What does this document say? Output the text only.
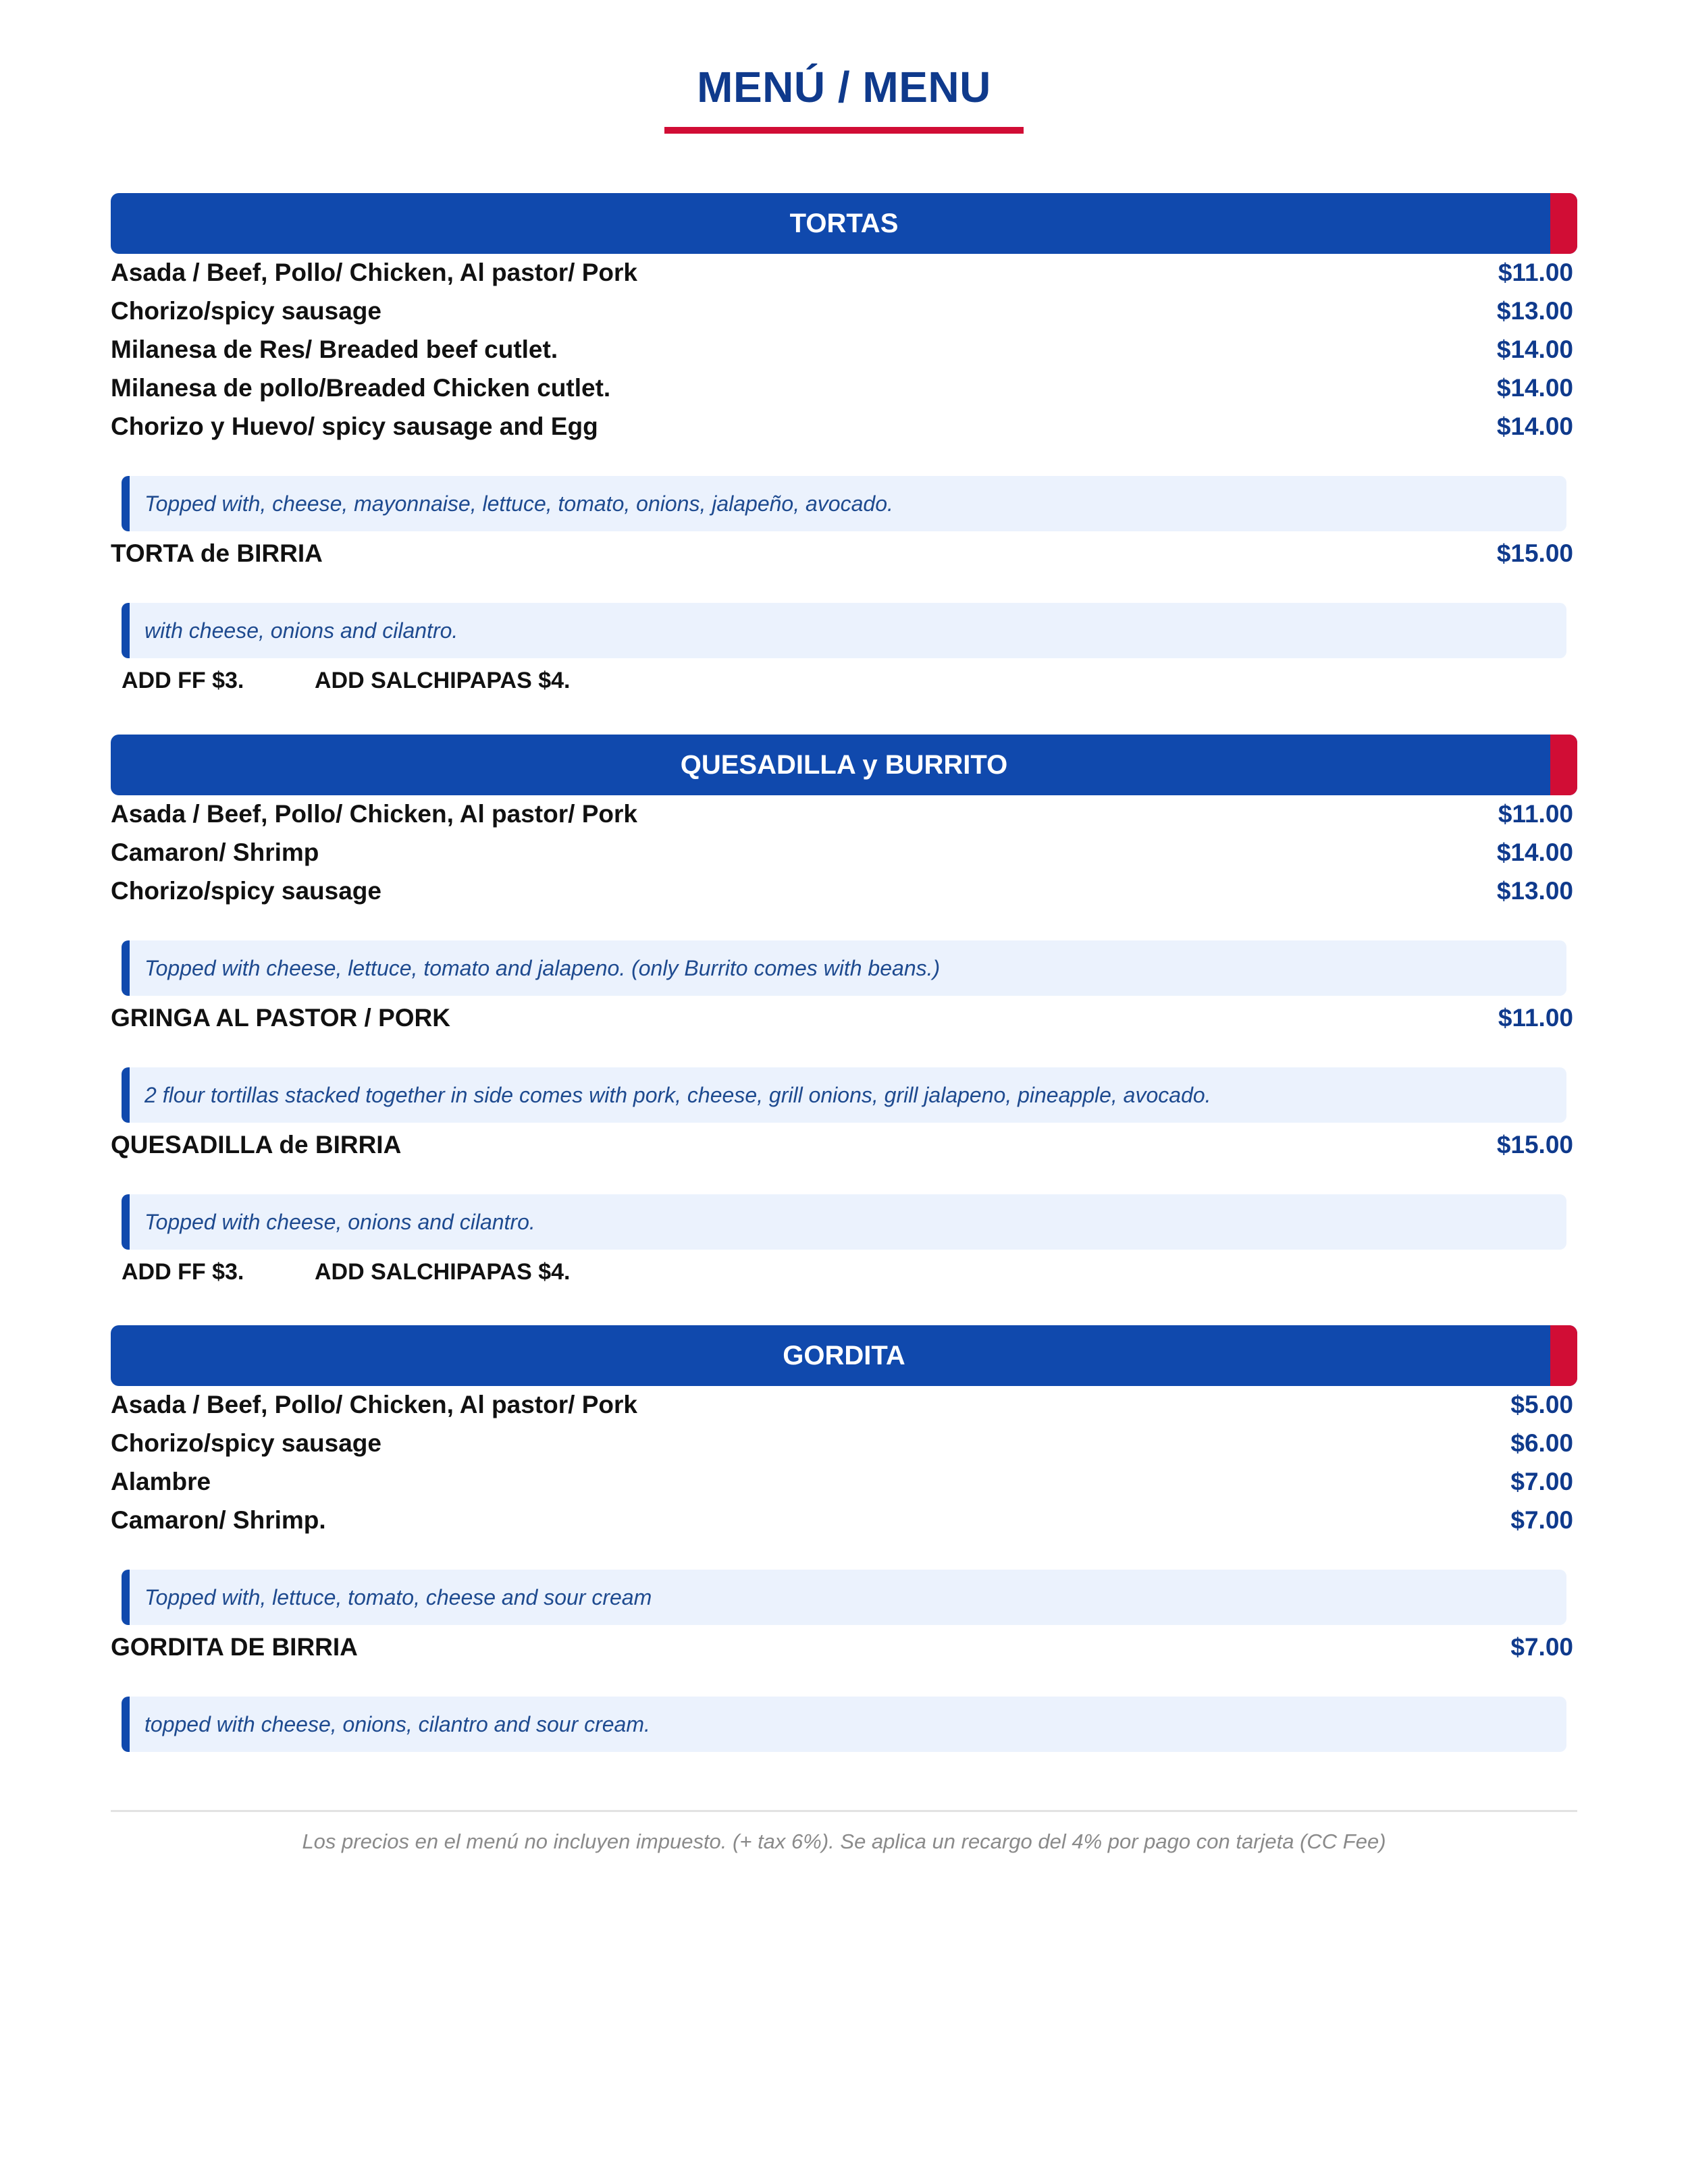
MENÚ / MENU
TORTAS
Asada / Beef, Pollo/ Chicken, Al pastor/ Pork	$11.00
Chorizo/spicy sausage	$13.00
Milanesa de Res/ Breaded beef cutlet.	$14.00
Milanesa de pollo/Breaded Chicken cutlet.	$14.00
Chorizo y Huevo/ spicy sausage and Egg	$14.00
Topped with, cheese, mayonnaise, lettuce, tomato, onions, jalapeño, avocado.
TORTA de BIRRIA	$15.00
with cheese, onions and cilantro.
ADD FF $3.	ADD SALCHIPAPAS $4.
QUESADILLA y BURRITO
Asada / Beef, Pollo/ Chicken, Al pastor/ Pork	$11.00
Camaron/ Shrimp	$14.00
Chorizo/spicy sausage	$13.00
Topped with cheese, lettuce, tomato and jalapeno. (only Burrito comes with beans.)
GRINGA AL PASTOR / PORK	$11.00
2 flour tortillas stacked together in side comes with pork, cheese, grill onions, grill jalapeno, pineapple, avocado.
QUESADILLA de BIRRIA	$15.00
Topped with cheese, onions and cilantro.
ADD FF $3.	ADD SALCHIPAPAS $4.
GORDITA
Asada / Beef, Pollo/ Chicken, Al pastor/ Pork	$5.00
Chorizo/spicy sausage	$6.00
Alambre	$7.00
Camaron/ Shrimp.	$7.00
Topped with, lettuce, tomato, cheese and sour cream
GORDITA DE BIRRIA	$7.00
topped with cheese, onions, cilantro and sour cream.
Los precios en el menú no incluyen impuesto. (+ tax 6%). Se aplica un recargo del 4% por pago con tarjeta (CC Fee)
